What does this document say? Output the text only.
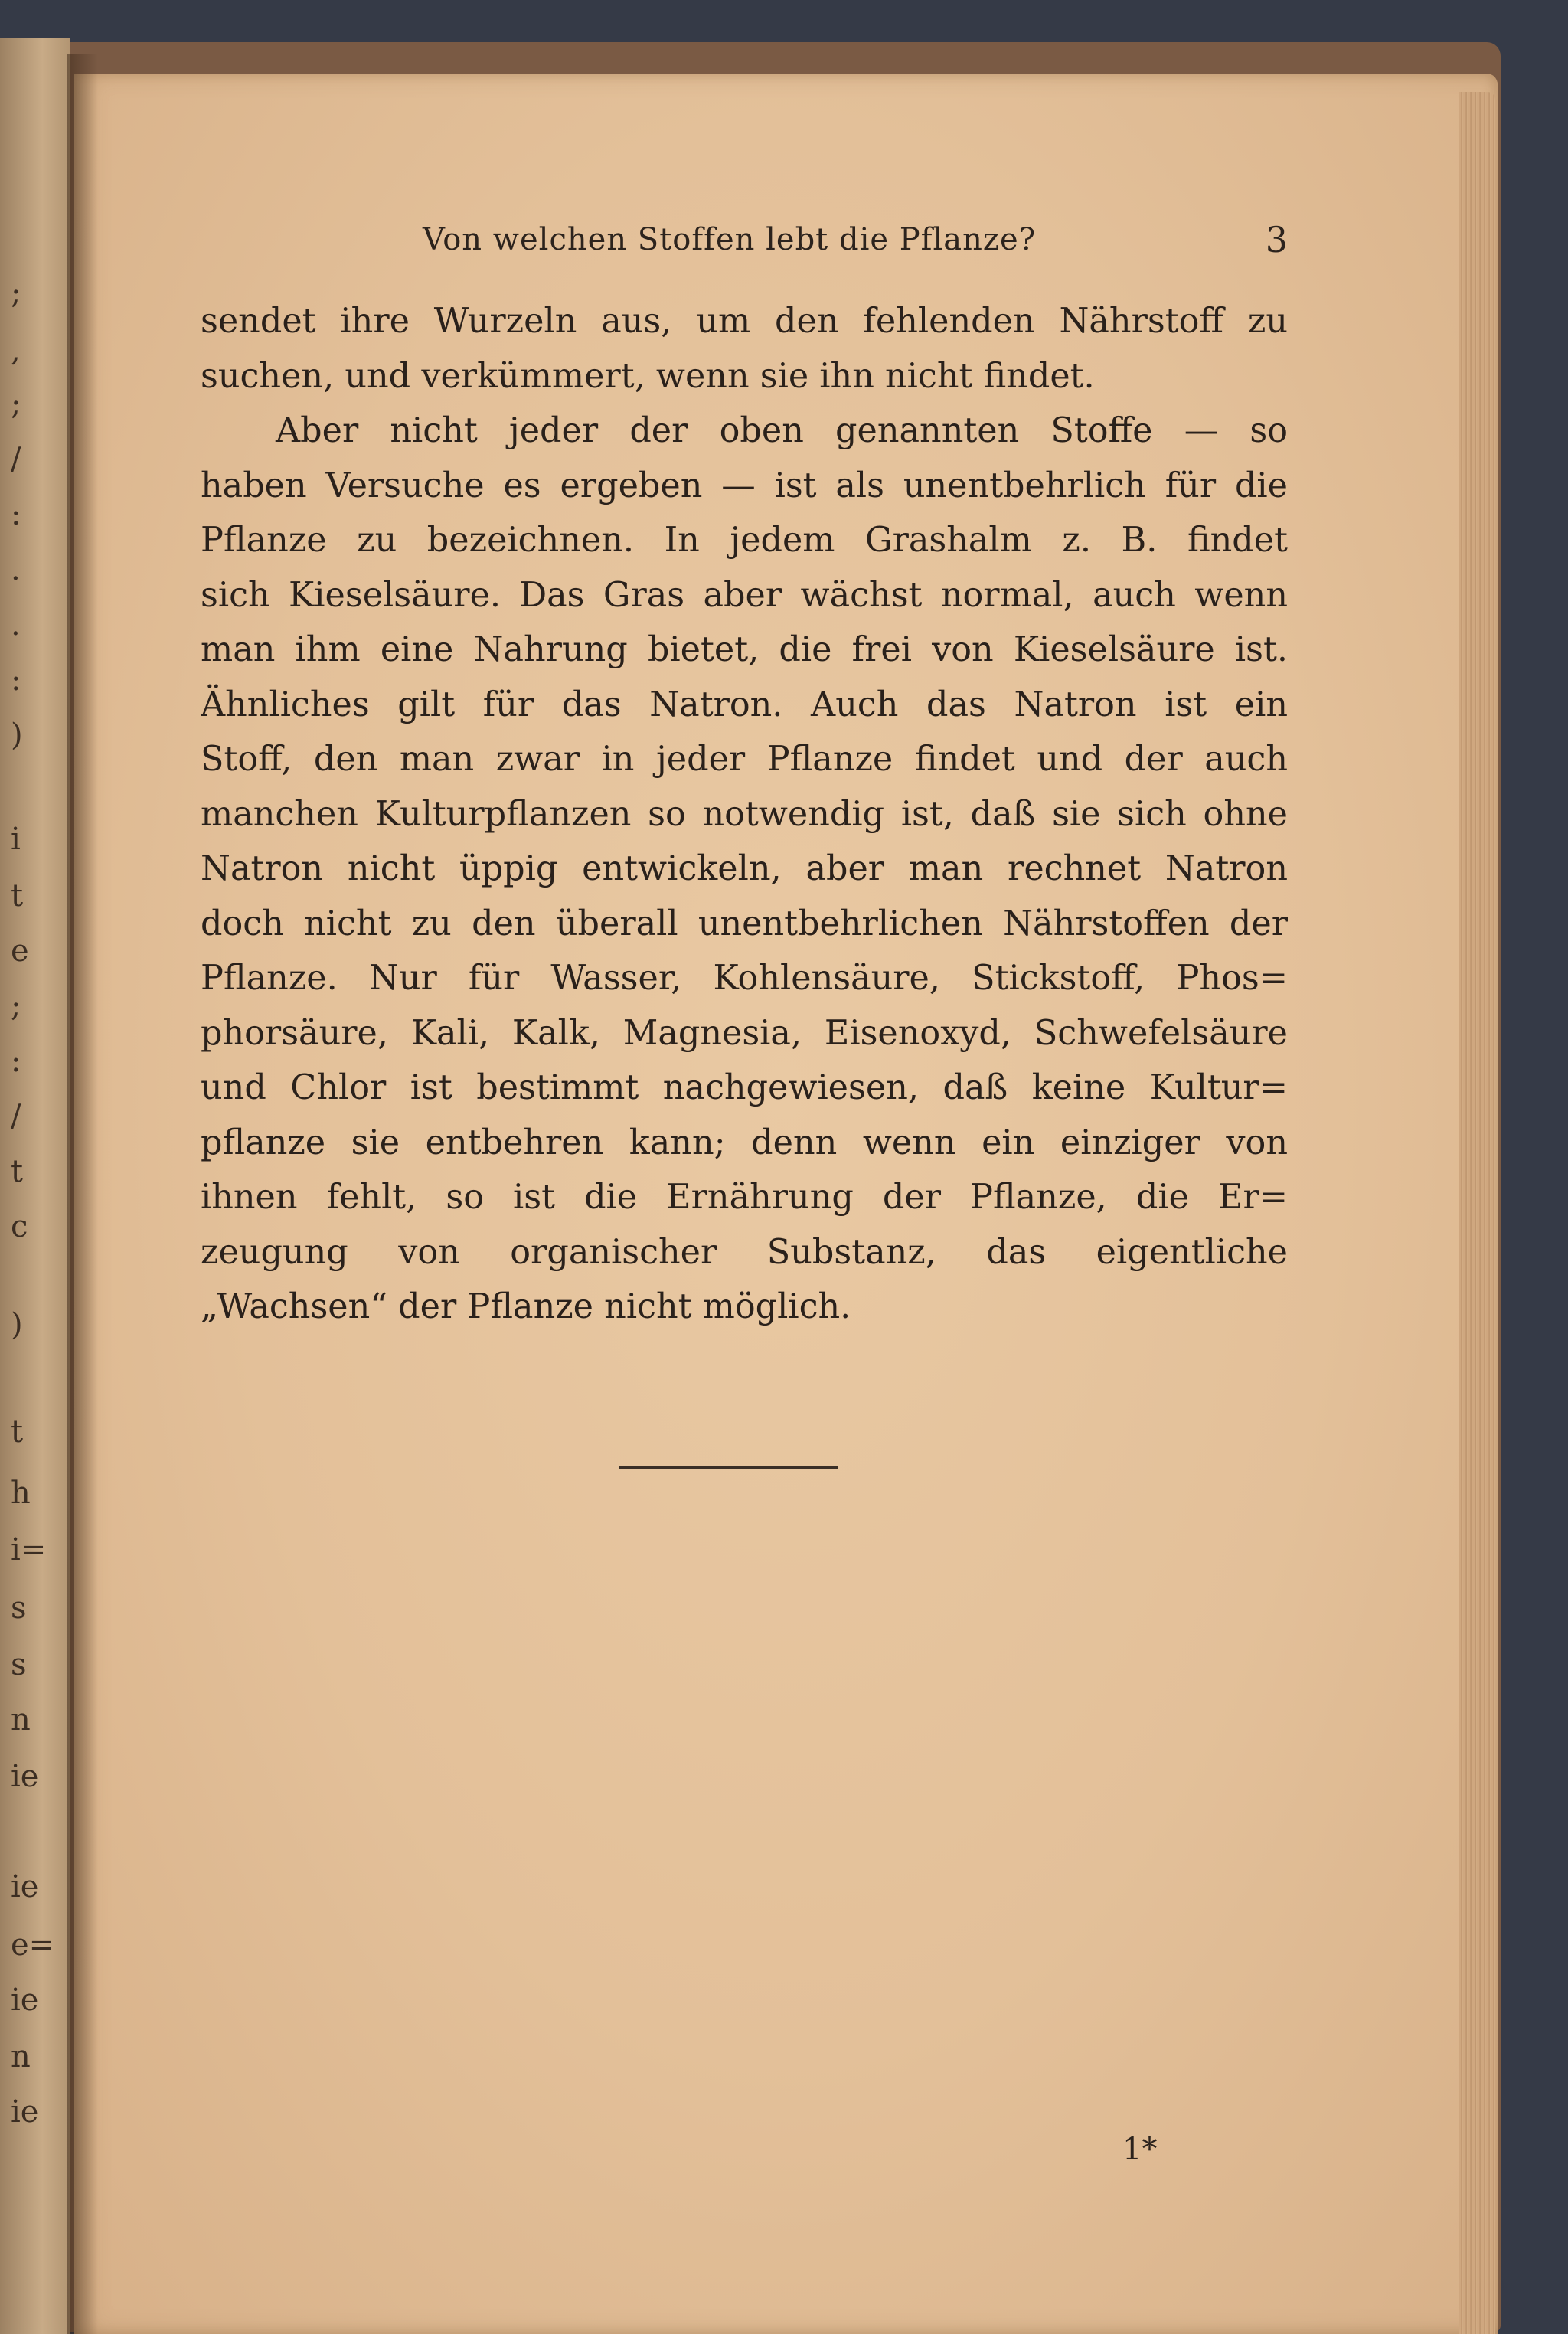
;
,
;
/
:
.
.
:
)
i
t
e
;
:
/
t
c
)
t
h
i=
s
s
n
ie
ie
e=
ie
n
ie
Von welchen Stoffen lebt die Pflanze?	3
sendet ihre Wurzeln aus, um den fehlenden Nährstoff zu
suchen, und verkümmert, wenn sie ihn nicht findet.
Aber nicht jeder der oben genannten Stoffe — so
haben Versuche es ergeben — ist als unentbehrlich für die
Pflanze zu bezeichnen. In jedem Grashalm z. B. findet
sich Kieselsäure. Das Gras aber wächst normal, auch wenn
man ihm eine Nahrung bietet, die frei von Kieselsäure ist.
Ähnliches gilt für das Natron. Auch das Natron ist ein
Stoff, den man zwar in jeder Pflanze findet und der auch
manchen Kulturpflanzen so notwendig ist, daß sie sich ohne
Natron nicht üppig entwickeln, aber man rechnet Natron
doch nicht zu den überall unentbehrlichen Nährstoffen der
Pflanze. Nur für Wasser, Kohlensäure, Stickstoff, Phos=
phorsäure, Kali, Kalk, Magnesia, Eisenoxyd, Schwefelsäure
und Chlor ist bestimmt nachgewiesen, daß keine Kultur=
pflanze sie entbehren kann; denn wenn ein einziger von
ihnen fehlt, so ist die Ernährung der Pflanze, die Er=
zeugung von organischer Substanz, das eigentliche
„Wachsen“ der Pflanze nicht möglich.
1*
